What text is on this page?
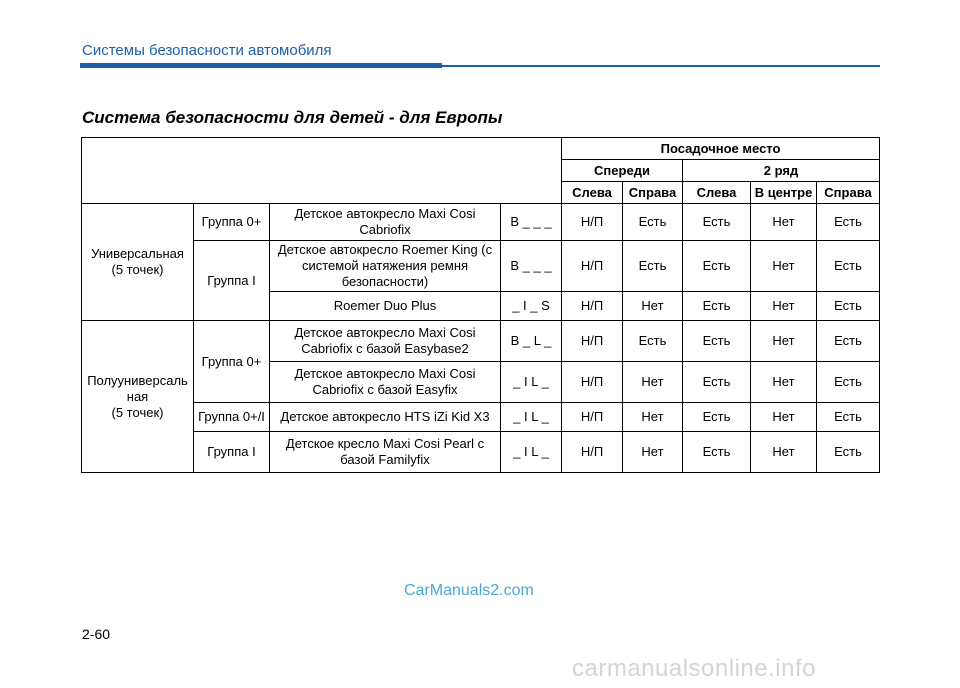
Системы безопасности автомобиля
Система безопасности для детей - для Европы
				Посадочное место				
				Спереди		2 ряд		
				Слева	Справа	Слева	В центре	Справа
Универсальная
(5 точек)	Группа 0+	Детское автокресло Maxi Cosi Cabriofix	B _ _ _	Н/П	Есть	Есть	Нет	Есть
	Группа I	Детское автокресло Roemer King (с системой натяжения ремня безопасности)	B _ _ _	Н/П	Есть	Есть	Нет	Есть
		Roemer Duo Plus	_ I _ S	Н/П	Нет	Есть	Нет	Есть
Полууниверсаль
ная
(5 точек)	Группа 0+	Детское автокресло Maxi Cosi Cabriofix с базой Easybase2	B _ L _	Н/П	Есть	Есть	Нет	Есть
		Детское автокресло Maxi Cosi Cabriofix с базой Easyfix	_ I L _	Н/П	Нет	Есть	Нет	Есть
	Группа 0+/I	Детское автокресло HTS iZi Kid X3	_ I L _	Н/П	Нет	Есть	Нет	Есть
	Группа I	Детское кресло Maxi Cosi Pearl с базой Familyfix	_ I L _	Н/П	Нет	Есть	Нет	Есть
CarManuals2.com
2-60
carmanualsonline.info
